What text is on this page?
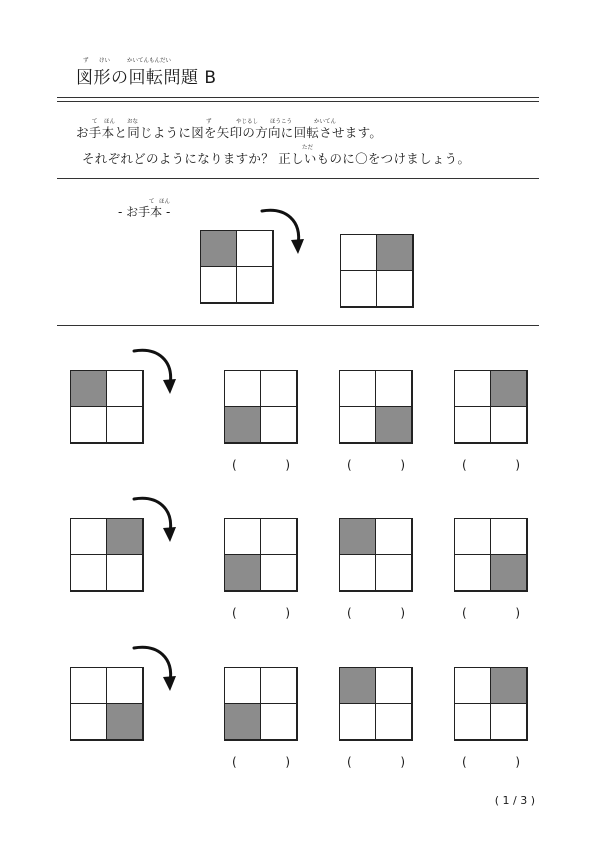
ず けい	かいてんもんだい
図形の回転問題 B
て ほん おな	ず	やじるし ほうこう	かいてん
お手本と同じように図を矢印の方向に回転させます。
ただ
それぞれどのようになりますか？ 正しいものに〇をつけましょう。
て ほん
- お手本 -
(	)	(	)	(	)
(	)	(	)	(	)
(	)	(	)	(	)
( 1 / 3 )
